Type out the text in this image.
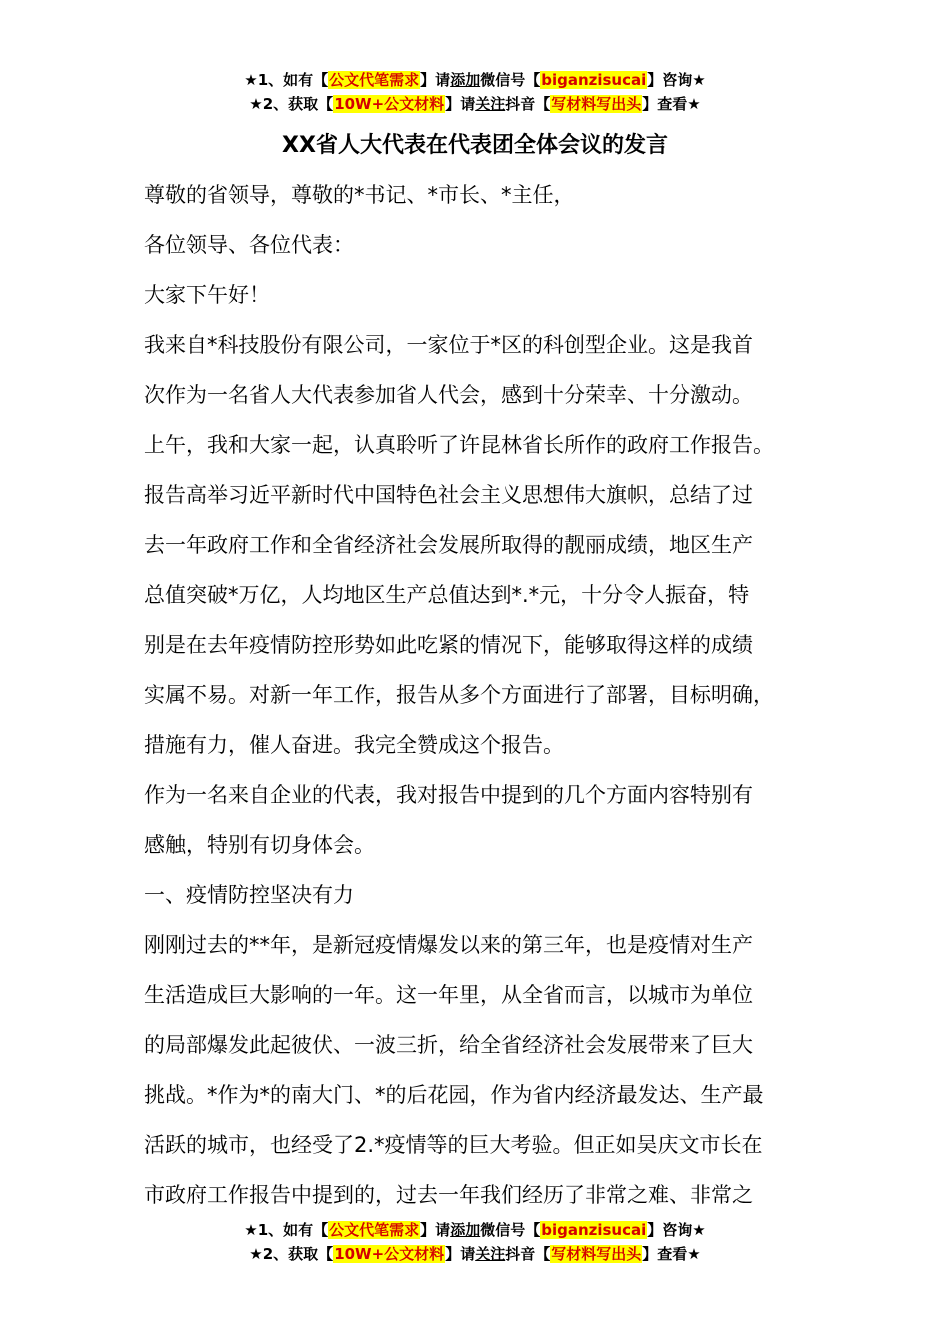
★1、如有【公文代笔需求】请添加微信号【biganzisucai】咨询★
★2、获取【10W+公文材料】请关注抖音【写材料写出头】查看★
XX省人大代表在代表团全体会议的发言
尊敬的省领导，尊敬的*书记、*市长、*主任，
各位领导、各位代表：
大家下午好！
我来自*科技股份有限公司，一家位于*区的科创型企业。这是我首
次作为一名省人大代表参加省人代会，感到十分荣幸、十分激动。
上午，我和大家一起，认真聆听了许昆林省长所作的政府工作报告。
报告高举习近平新时代中国特色社会主义思想伟大旗帜，总结了过
去一年政府工作和全省经济社会发展所取得的靓丽成绩，地区生产
总值突破*万亿，人均地区生产总值达到*.*元，十分令人振奋，特
别是在去年疫情防控形势如此吃紧的情况下，能够取得这样的成绩
实属不易。对新一年工作，报告从多个方面进行了部署，目标明确，
措施有力，催人奋进。我完全赞成这个报告。
作为一名来自企业的代表，我对报告中提到的几个方面内容特别有
感触，特别有切身体会。
一、疫情防控坚决有力
刚刚过去的**年，是新冠疫情爆发以来的第三年，也是疫情对生产
生活造成巨大影响的一年。这一年里，从全省而言，以城市为单位
的局部爆发此起彼伏、一波三折，给全省经济社会发展带来了巨大
挑战。*作为*的南大门、*的后花园，作为省内经济最发达、生产最
活跃的城市，也经受了2.*疫情等的巨大考验。但正如吴庆文市长在
市政府工作报告中提到的，过去一年我们经历了非常之难、非常之
★1、如有【公文代笔需求】请添加微信号【biganzisucai】咨询★
★2、获取【10W+公文材料】请关注抖音【写材料写出头】查看★
